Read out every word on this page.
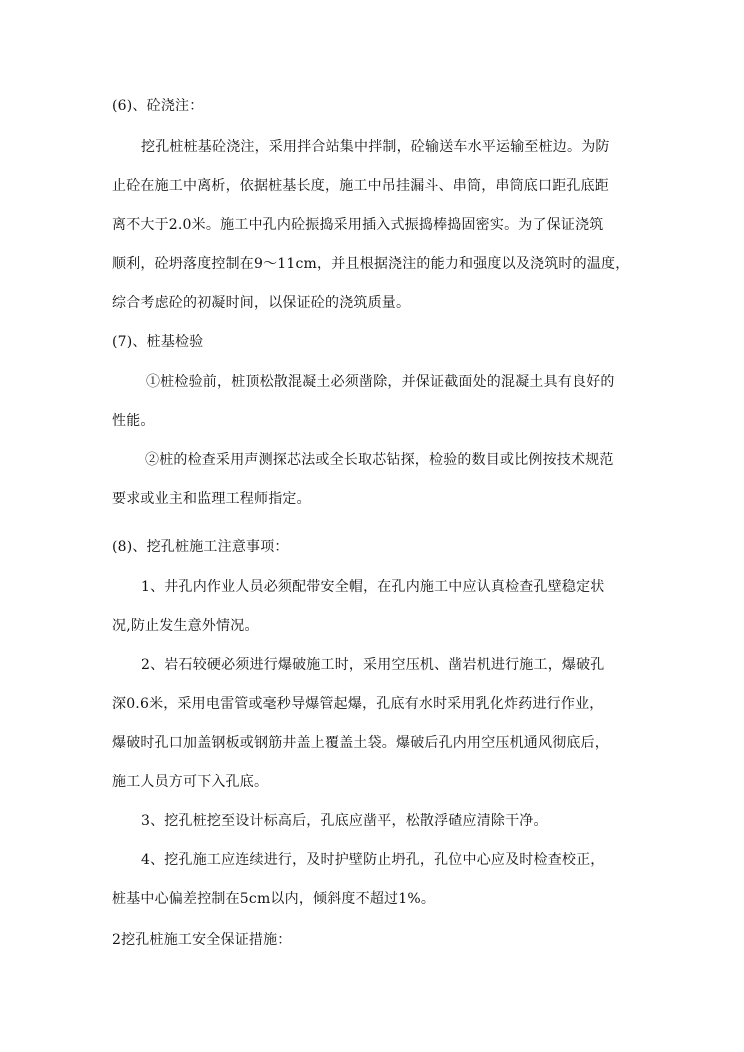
(6)、砼浇注：
挖孔桩桩基砼浇注，采用拌合站集中拌制，砼输送车水平运输至桩边。为防
止砼在施工中离析，依据桩基长度，施工中吊挂漏斗、串筒，串筒底口距孔底距
离不大于2.0米。施工中孔内砼振捣采用插入式振捣棒捣固密实。为了保证浇筑
顺利，砼坍落度控制在9～11cm，并且根据浇注的能力和强度以及浇筑时的温度，
综合考虑砼的初凝时间，以保证砼的浇筑质量。
(7)、桩基检验
①桩检验前，桩顶松散混凝土必须凿除，并保证截面处的混凝土具有良好的
性能。
②桩的检查采用声测探芯法或全长取芯钻探，检验的数目或比例按技术规范
要求或业主和监理工程师指定。
(8)、挖孔桩施工注意事项：
1、井孔内作业人员必须配带安全帽，在孔内施工中应认真检查孔壁稳定状
况,防止发生意外情况。
2、岩石较硬必须进行爆破施工时，采用空压机、凿岩机进行施工，爆破孔
深0.6米，采用电雷管或毫秒导爆管起爆，孔底有水时采用乳化炸药进行作业，
爆破时孔口加盖钢板或钢筋井盖上覆盖土袋。爆破后孔内用空压机通风彻底后，
施工人员方可下入孔底。
3、挖孔桩挖至设计标高后，孔底应凿平，松散浮碴应清除干净。
4、挖孔施工应连续进行，及时护壁防止坍孔，孔位中心应及时检查校正，
桩基中心偏差控制在5cm以内，倾斜度不超过1%。
2挖孔桩施工安全保证措施：
